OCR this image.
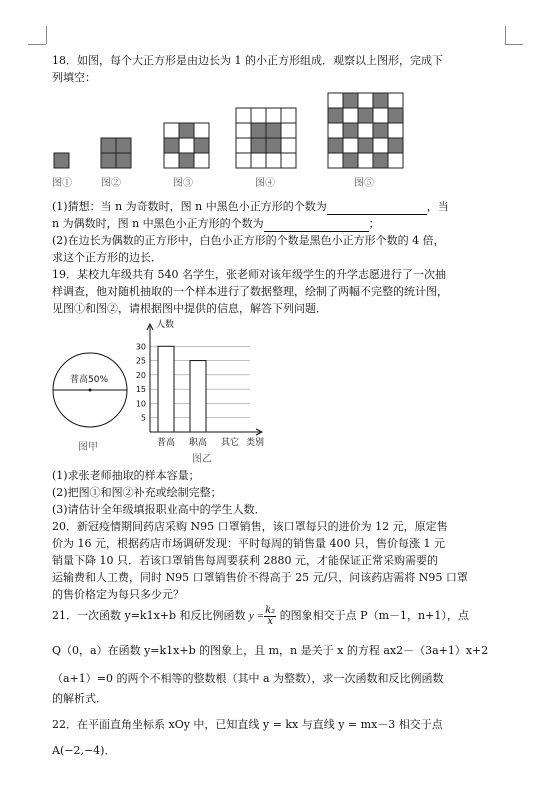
18．如图，每个大正方形是由边长为 1 的小正方形组成．观察以上图形，完成下
列填空：
图①	图②	图③	图④	图⑤
(1)猜想：当 n 为奇数时，图 n 中黑色小正方形的个数为	，当
n 为偶数时，图 n 中黑色小正方形的个数为	；
(2)在边长为偶数的正方形中，白色小正方形的个数是黑色小正方形个数的 4 倍，
求这个正方形的边长．
19．某校九年级共有 540 名学生，张老师对该年级学生的升学志愿进行了一次抽
样调查，他对随机抽取的一个样本进行了数据整理，绘制了两幅不完整的统计图，
见图①和图②，请根据图中提供的信息，解答下列问题．
普高50%
图甲
5
10
15
20
25
30
普高 职高 其它
人数
类别
图乙
(1)求张老师抽取的样本容量；
(2)把图①和图②补充或绘制完整；
(3)请估计全年级填报职业高中的学生人数．
20．新冠疫情期间药店采购 N95 口罩销售，该口罩每只的进价为 12 元，原定售
价为 16 元，根据药店市场调研发现：平时每周的销售量 400 只，售价每涨 1 元
销量下降 10 只．若该口罩销售每周要获利 2880 元，才能保证正常采购需要的
运输费和人工费，同时 N95 口罩销售价不得高于 25 元/只，问该药店需将 N95 口罩
的售价格定为每只多少元？
21．一次函数 y=k1x+b 和反比例函数 $y = \frac{\text{k₂}}{x}$ 的图象相交于点 P（m－1，n+1），点
Q（0，a）在函数 y=k1x+b 的图象上，且 m，n 是关于 x 的方程 ax2－（3a+1）x+2
（a+1）=0 的两个不相等的整数根（其中 a 为整数），求一次函数和反比例函数
的解析式．
22．在平面直角坐标系 xOy 中，已知直线 y = kx 与直线 y = mx－3 相交于点
A(−2,−4)．
